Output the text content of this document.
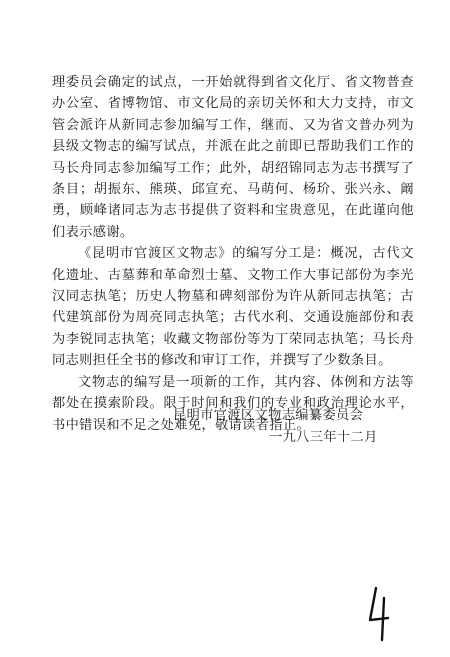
理委员会确定的试点，一开始就得到省文化厅、省文物普查办公室、省博物馆、市文化局的亲切关怀和大力支持，市文管会派许从新同志参加编写工作，继而、又为省文普办列为县级文物志的编写试点，并派在此之前即已帮助我们工作的马长舟同志参加编写工作；此外，胡绍锦同志为志书撰写了条目；胡振东、熊瑛、邱宣充、马萌何、杨玠、张兴永、阚勇，顾峰诸同志为志书提供了资料和宝贵意见，在此谨向他们表示感谢。

《昆明市官渡区文物志》的编写分工是：概况，古代文化遗址、古墓葬和革命烈士墓、文物工作大事记部份为李光汉同志执笔；历史人物墓和碑刻部份为许从新同志执笔；古代建筑部份为周亮同志执笔；古代水利、交通设施部份和表为李锐同志执笔；收藏文物部份等为丁荣同志执笔；马长舟同志则担任全书的修改和审订工作，并撰写了少数条目。

文物志的编写是一项新的工作，其内容、体例和方法等都处在摸索阶段。限于时间和我们的专业和政治理论水平，书中错误和不足之处难免，敬请读者指正。

昆明市官渡区文物志编纂委员会
一九八三年十二月
